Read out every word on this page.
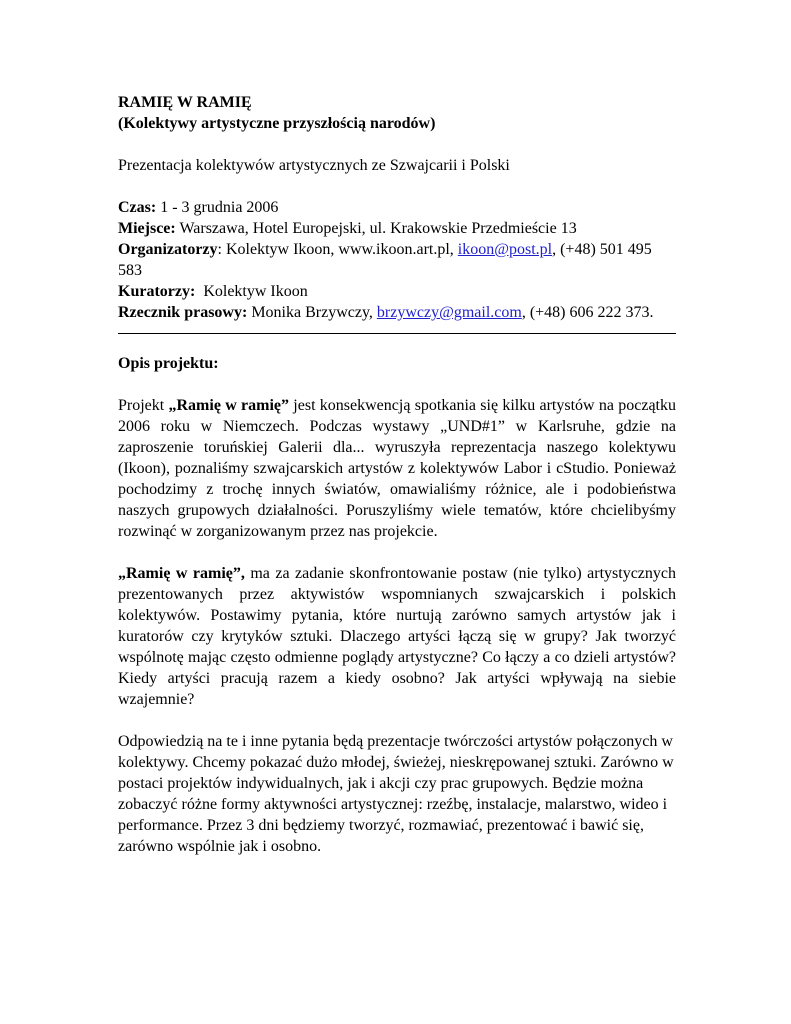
RAMIĘ W RAMIĘ
(Kolektywy artystyczne przyszłością narodów)
Prezentacja kolektywów artystycznych ze Szwajcarii i Polski
Czas: 1 - 3 grudnia 2006
Miejsce: Warszawa, Hotel Europejski, ul. Krakowskie Przedmieście 13
Organizatorzy: Kolektyw Ikoon, www.ikoon.art.pl, ikoon@post.pl, (+48) 501 495 583
Kuratorzy:  Kolektyw Ikoon
Rzecznik prasowy: Monika Brzywczy, brzywczy@gmail.com, (+48) 606 222 373.
Opis projektu:
Projekt „Ramię w ramię” jest konsekwencją spotkania się kilku artystów na początku 2006 roku w Niemczech. Podczas wystawy „UND#1” w Karlsruhe, gdzie na zaproszenie toruńskiej Galerii dla... wyruszyła reprezentacja naszego kolektywu (Ikoon), poznaliśmy szwajcarskich artystów z kolektywów Labor i cStudio. Ponieważ pochodzimy z trochę innych światów, omawialiśmy różnice, ale i podobieństwa naszych grupowych działalności. Poruszyliśmy wiele tematów, które chcielibyśmy rozwinąć w zorganizowanym przez nas projekcie.
„Ramię w ramię”, ma za zadanie skonfrontowanie postaw (nie tylko) artystycznych prezentowanych przez aktywistów wspomnianych szwajcarskich i polskich kolektywów. Postawimy pytania, które nurtują zarówno samych artystów jak i kuratorów czy krytyków sztuki. Dlaczego artyści łączą się w grupy? Jak tworzyć wspólnotę mając często odmienne poglądy artystyczne? Co łączy a co dzieli artystów? Kiedy artyści pracują razem a kiedy osobno? Jak artyści wpływają na siebie wzajemnie?
Odpowiedzią na te i inne pytania będą prezentacje twórczości artystów połączonych w kolektywy. Chcemy pokazać dużo młodej, świeżej, nieskrępowanej sztuki. Zarówno w postaci projektów indywidualnych, jak i akcji czy prac grupowych. Będzie można zobaczyć różne formy aktywności artystycznej: rzeźbę, instalacje, malarstwo, wideo i performance. Przez 3 dni będziemy tworzyć, rozmawiać, prezentować i bawić się, zarówno wspólnie jak i osobno.
